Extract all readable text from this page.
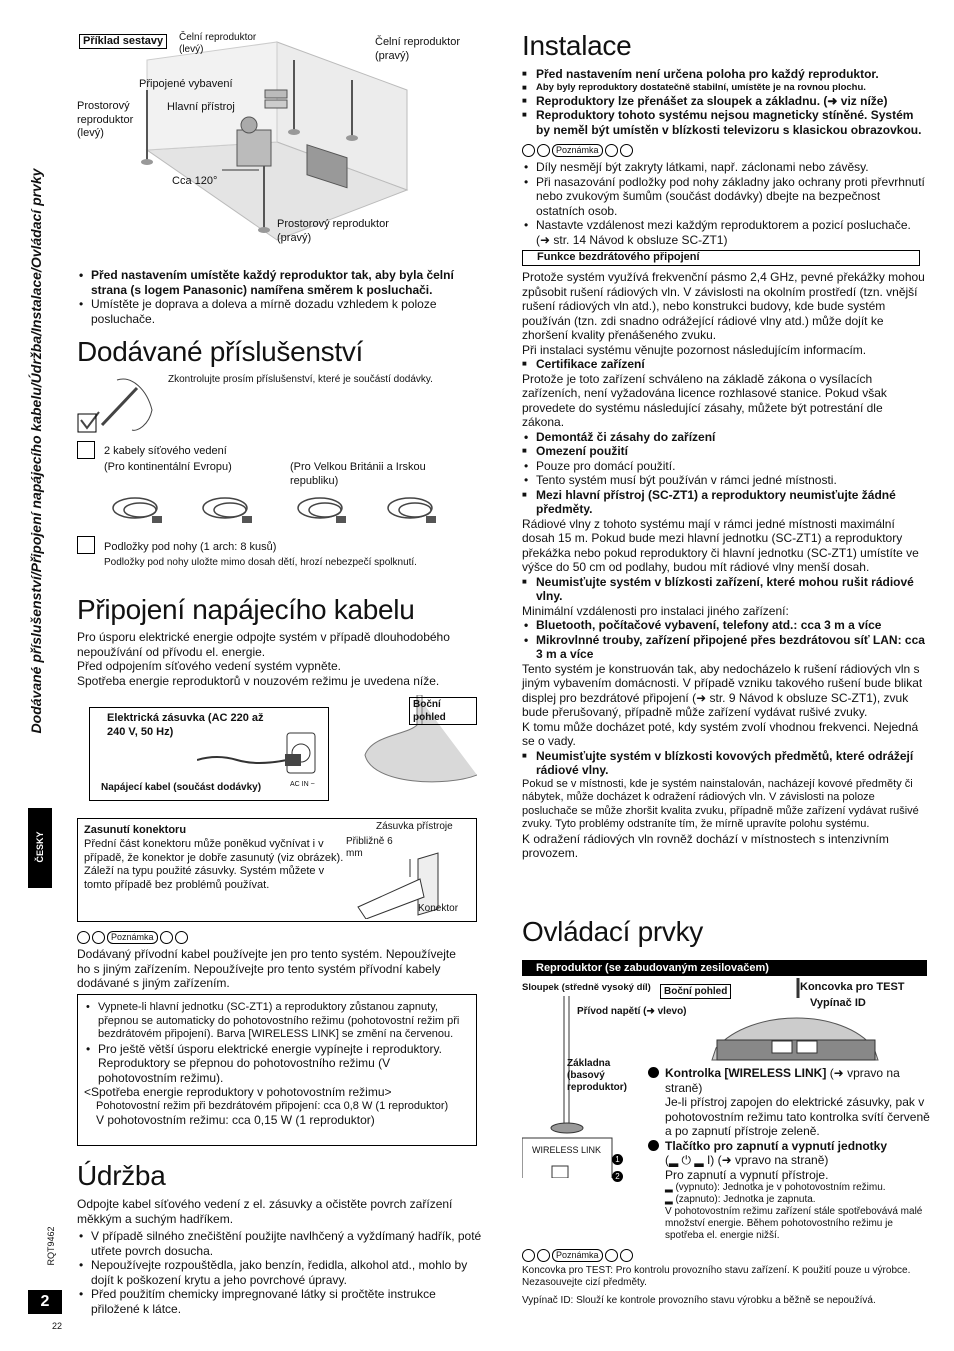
Dodávané příslušenství/Připojení napájecího kabelu/Údržba/Instalace/Ovládací prvky
ČESKY
RQT9462
2
22
Příklad sestavy	Čelní reproduktor (levý)
Čelní reproduktor (pravý)
Připojené vybavení
Hlavní přístroj
Prostorový reproduktor (levý)
Cca 120°
Prostorový reproduktor (pravý)
• Před nastavením umístěte každý reproduktor tak, aby byla čelní strana (s logem Panasonic) namířena směrem k posluchači.
• Umístěte je doprava a doleva a mírně dozadu vzhledem k poloze posluchače.
Dodávané příslušenství
Zkontrolujte prosím příslušenství, které je součástí dodávky.
2 kabely síťového vedení
(Pro kontinentální Evropu)	(Pro Velkou Británii a Irskou republiku)
Podložky pod nohy (1 arch: 8 kusů)
Podložky pod nohy uložte mimo dosah dětí, hrozí nebezpečí spolknutí.
Připojení napájecího kabelu
Pro úsporu elektrické energie odpojte systém v případě dlouhodobého nepoužívání od přívodu el. energie.
Před odpojením síťového vedení systém vypněte.
Spotřeba energie reproduktorů v nouzovém režimu je uvedena níže.
Boční pohled
Elektrická zásuvka (AC 220 až 240 V, 50 Hz)
Napájecí kabel (součást dodávky)	AC IN ~
Zasunutí konektoru
Přední část konektoru může poněkud vyčnívat i v případě, že konektor je dobře zasunutý (viz obrázek). Záleží na typu použité zásuvky. Systém můžete v tomto případě bez problémů používat.
Zásuvka přístroje
Přibližně 6 mm
Konektor
Poznámka
Dodávaný přívodní kabel používejte jen pro tento systém. Nepoužívejte ho s jiným zařízením. Nepoužívejte pro tento systém přívodní kabely dodávané s jiným zařízením.
• Vypnete-li hlavní jednotku (SC-ZT1) a reproduktory zůstanou zapnuty, přepnou se automaticky do pohotovostního režimu (pohotovostní režim při bezdrátovém připojení). Barva [WIRELESS LINK] se změní na červenou.
• Pro ještě větší úsporu elektrické energie vypínejte i reproduktory. Reproduktory se přepnou do pohotovostního režimu (V pohotovostním režimu).
<Spotřeba energie reproduktory v pohotovostním režimu>
Pohotovostní režim při bezdrátovém připojení: cca 0,8 W (1 reproduktor)
V pohotovostním režimu: cca 0,15 W (1 reproduktor)
Údržba
Odpojte kabel síťového vedení z el. zásuvky a očistěte povrch zařízení měkkým a suchým hadříkem.
• V případě silného znečištění použijte navlhčený a vyždímaný hadřík, poté utřete povrch dosucha.
• Nepoužívejte rozpouštědla, jako benzín, ředidla, alkohol atd., mohlo by dojít k poškození krytu a jeho povrchové úpravy.
• Před použitím chemicky impregnované látky si pročtěte instrukce přiložené k látce.
Instalace
■ Před nastavením není určena poloha pro každý reproduktor.
■ Aby byly reproduktory dostatečně stabilní, umístěte je na rovnou plochu.
■ Reproduktory lze přenášet za sloupek a základnu. (➜ viz níže)
■ Reproduktory tohoto systému nejsou magneticky stíněné. Systém by neměl být umístěn v blízkosti televizoru s klasickou obrazovkou.
Poznámka
• Díly nesmějí být zakryty látkami, např. záclonami nebo závěsy.
• Při nasazování podložky pod nohy základny jako ochrany proti převrhnutí nebo zvukovým šumům (součást dodávky) dbejte na bezpečnost ostatních osob.
• Nastavte vzdálenost mezi každým reproduktorem a pozicí posluchače. (➜ str. 14 Návod k obsluze SC-ZT1)
Funkce bezdrátového připojení
Protože systém využívá frekvenční pásmo 2,4 GHz, pevné překážky mohou způsobit rušení rádiových vln. V závislosti na okolním prostředí (tzn. vnější rušení rádiových vln atd.), nebo konstrukci budovy, kde bude systém používán (tzn. zdi snadno odrážející rádiové vlny atd.) může dojít ke zhoršení kvality přenášeného zvuku.
Při instalaci systému věnujte pozornost následujícím informacím.
■ Certifikace zařízení
Protože je toto zařízení schváleno na základě zákona o vysílacích zařízeních, není vyžadována licence rozhlasové stanice. Pokud však provedete do systému následující zásahy, můžete být potrestání dle zákona.
• Demontáž či zásahy do zařízení
■ Omezení použití
• Pouze pro domácí použití.
• Tento systém musí být používán v rámci jedné místnosti.
■ Mezi hlavní přístroj (SC-ZT1) a reproduktory neumisťujte žádné předměty.
Rádiové vlny z tohoto systému mají v rámci jedné místnosti maximální dosah 15 m. Pokud bude mezi hlavní jednotku (SC-ZT1) a reproduktory překážka nebo pokud reproduktory či hlavní jednotku (SC-ZT1) umístíte ve výšce do 50 cm od podlahy, budou mít rádiové vlny menší dosah.
■ Neumisťujte systém v blízkosti zařízení, které mohou rušit rádiové vlny.
Minimální vzdálenosti pro instalaci jiného zařízení:
• Bluetooth, počítačové vybavení, telefony atd.: cca 3 m a více
• Mikrovlnné trouby, zařízení připojené přes bezdrátovou síť LAN: cca 3 m a více
Tento systém je konstruován tak, aby nedocházelo k rušení rádiových vln s jiným vybavením domácnosti. V případě vzniku takového rušení bude blikat displej pro bezdrátové připojení (➜ str. 9 Návod k obsluze SC-ZT1), zvuk bude přerušovaný, případně může zařízení vydávat rušivé zvuky.
K tomu může docházet poté, kdy systém zvolí vhodnou frekvenci. Nejedná se o vady.
■ Neumisťujte systém v blízkosti kovových předmětů, které odrážejí rádiové vlny.
Pokud se v místnosti, kde je systém nainstalován, nacházejí kovové předměty či nábytek, může docházet k odražení rádiových vln. V závislosti na poloze posluchače se může zhoršit kvalita zvuku, případně může zařízení vydávat rušivé zvuky. Tyto problémy odstraníte tím, že mírně upravíte polohu systému.
K odražení rádiových vln rovněž dochází v místnostech s intenzivním provozem.
Ovládací prvky
Reproduktor (se zabudovaným zesilovačem)
Sloupek (středně vysoký díl)	Boční pohled	Koncovka pro TEST
Vypínač ID
Přívod napětí (➜ vlevo)
Základna (basový reproduktor)
WIRELESS LINK
1
2
Kontrolka [WIRELESS LINK] (➜ vpravo na straně)
Je-li přístroj zapojen do elektrické zásuvky, pak v pohotovostním režimu tato kontrolka svítí červeně a po zapnutí přístroje zeleně.
Tlačítko pro zapnutí a vypnutí jednotky
(▂ ⏻ ▂ I) (➜ vpravo na straně)
Pro zapnutí a vypnutí přístroje.
▂ (vypnuto): Jednotka je v pohotovostním režimu.
▂ (zapnuto): Jednotka je zapnuta.
V pohotovostním režimu zařízení stále spotřebovává malé množství energie. Během pohotovostního režimu je spotřeba el. energie nižší.
Poznámka
Koncovka pro TEST: Pro kontrolu provozního stavu zařízení. K použití pouze u výrobce. Nezasouvejte cizí předměty.
Vypínač ID: Slouží ke kontrole provozního stavu výrobku a běžně se nepoužívá.
